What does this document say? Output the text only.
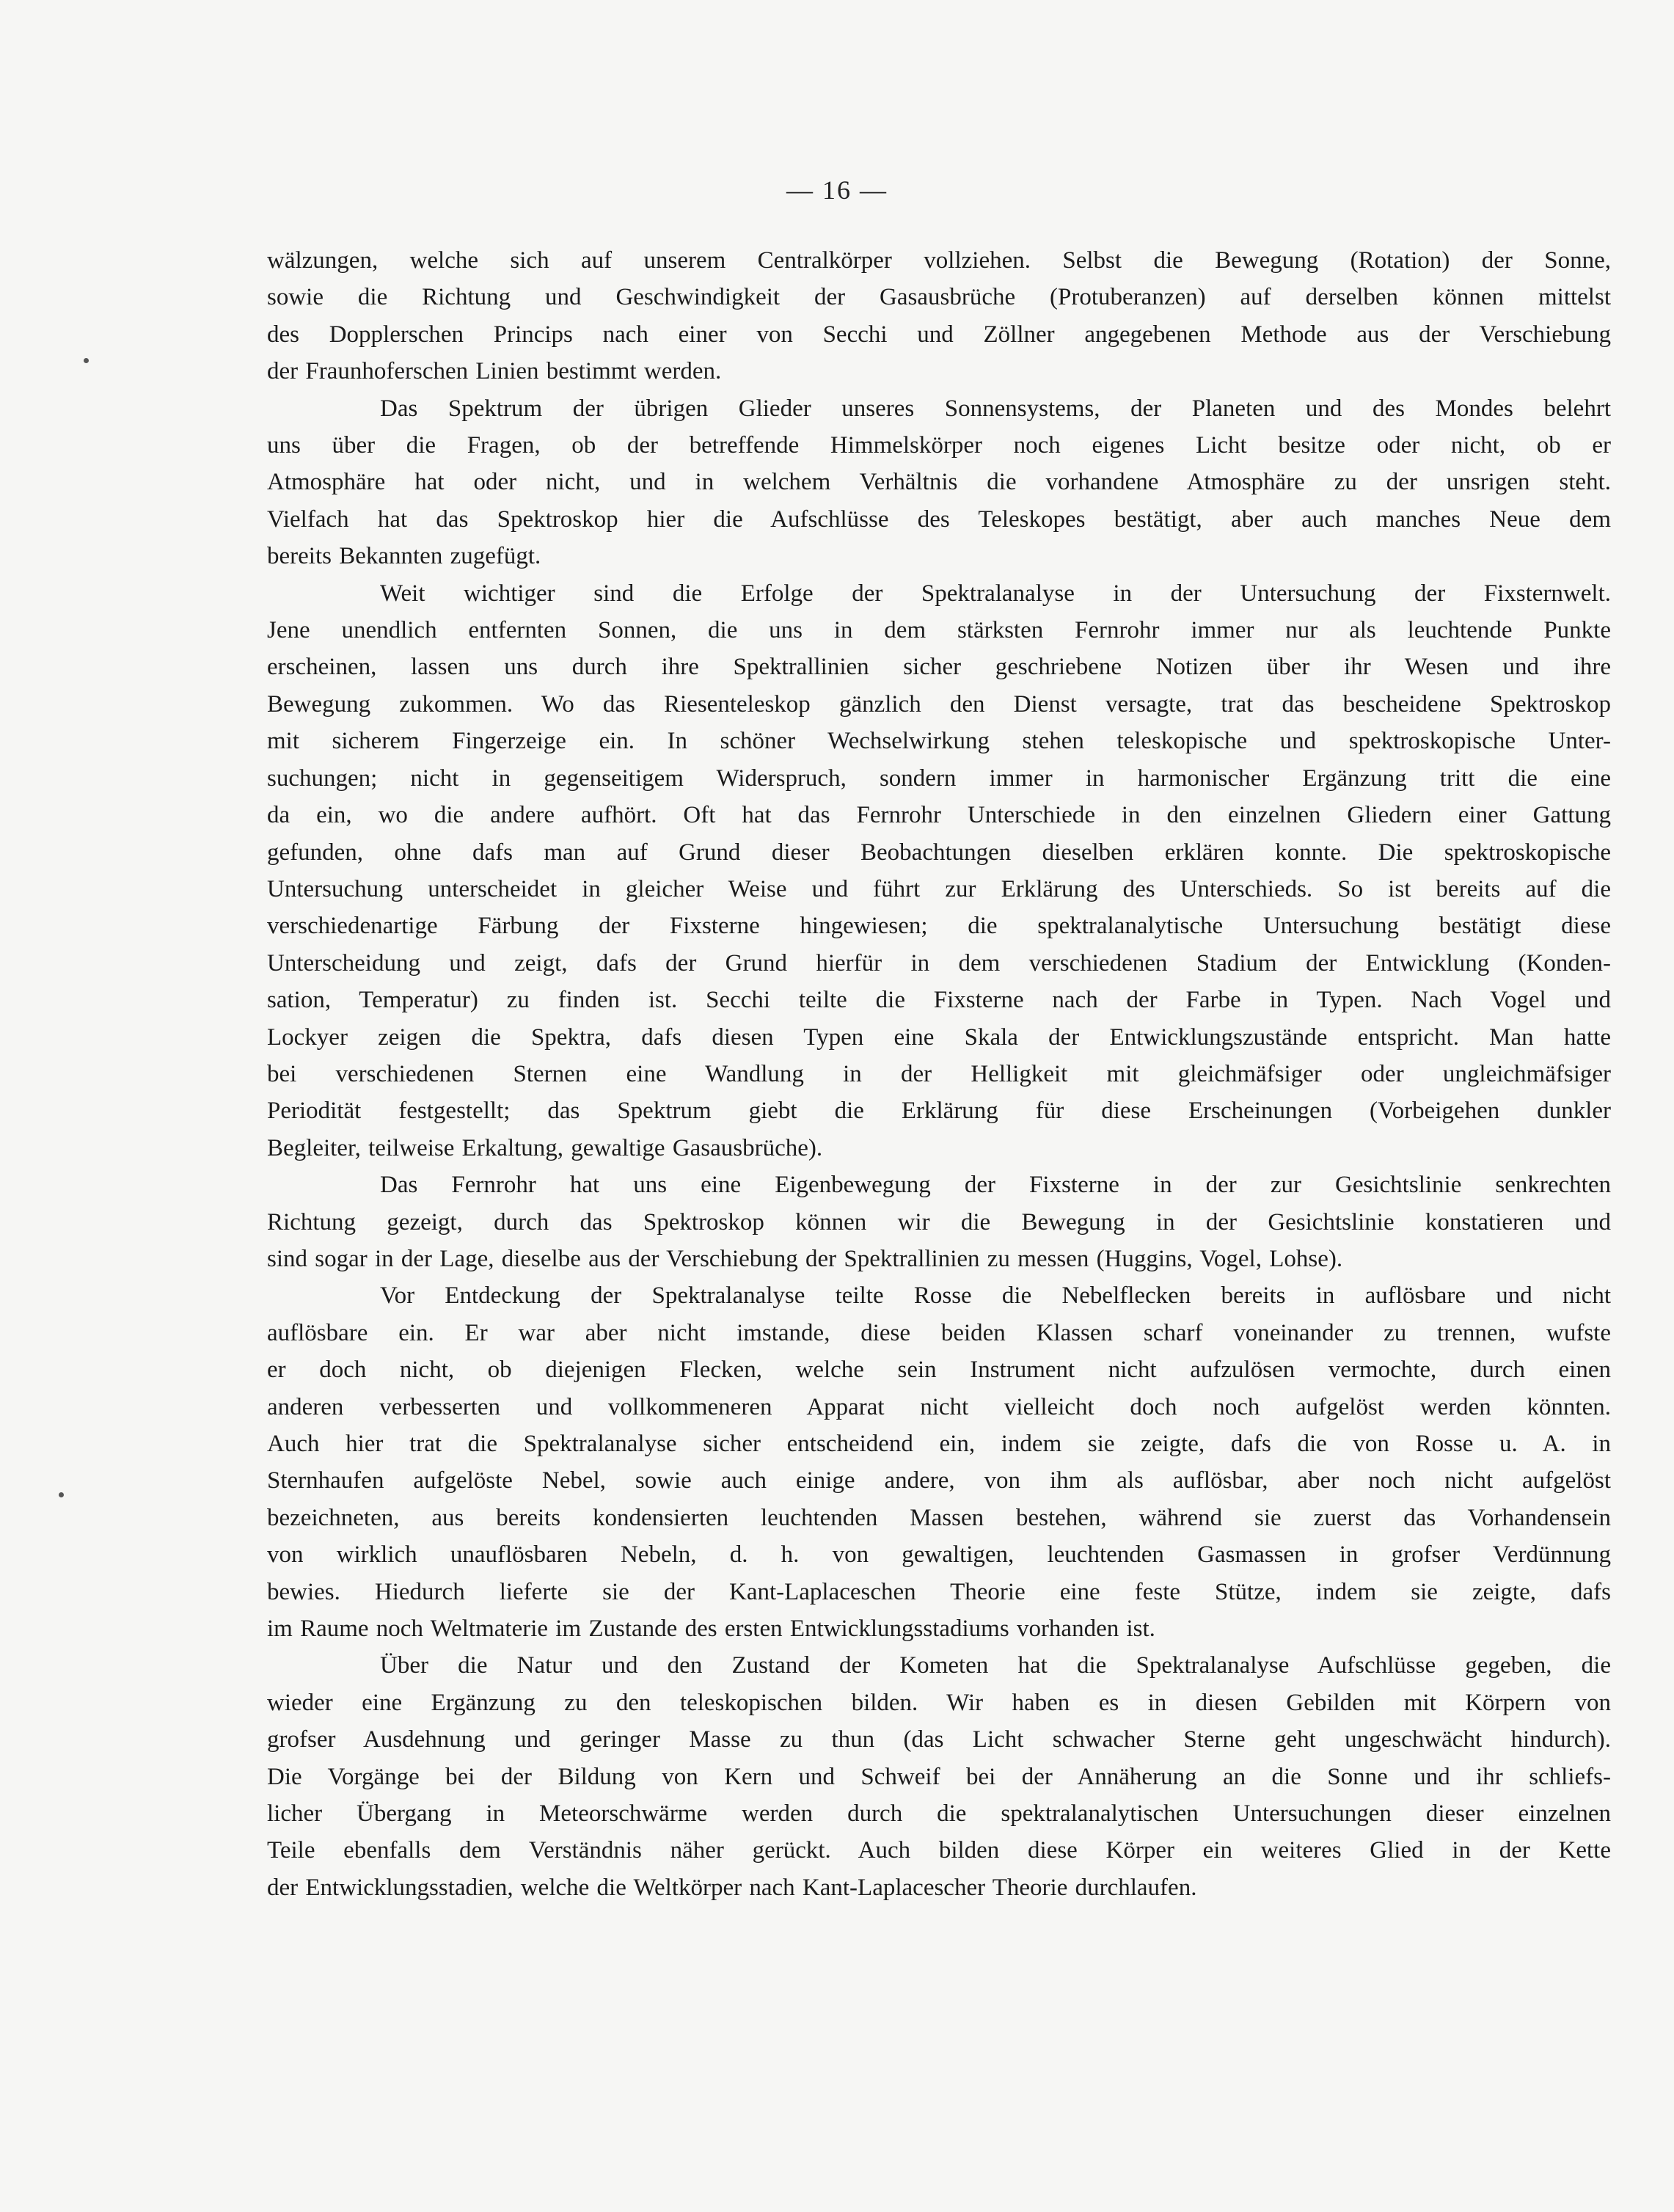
— 16 —

wälzungen, welche sich auf unserem Centralkörper vollziehen. Selbst die Bewegung (Rotation) der Sonne,

sowie die Richtung und Geschwindigkeit der Gasausbrüche (Protuberanzen) auf derselben können mittelst

des Dopplerschen Princips nach einer von Secchi und Zöllner angegebenen Methode aus der Verschiebung

der Fraunhoferschen Linien bestimmt werden.

Das Spektrum der übrigen Glieder unseres Sonnensystems, der Planeten und des Mondes belehrt

uns über die Fragen, ob der betreffende Himmelskörper noch eigenes Licht besitze oder nicht, ob er

Atmosphäre hat oder nicht, und in welchem Verhältnis die vorhandene Atmosphäre zu der unsrigen steht.

Vielfach hat das Spektroskop hier die Aufschlüsse des Teleskopes bestätigt, aber auch manches Neue dem

bereits Bekannten zugefügt.

Weit wichtiger sind die Erfolge der Spektralanalyse in der Untersuchung der Fixsternwelt.

Jene unendlich entfernten Sonnen, die uns in dem stärksten Fernrohr immer nur als leuchtende Punkte

erscheinen, lassen uns durch ihre Spektrallinien sicher geschriebene Notizen über ihr Wesen und ihre

Bewegung zukommen. Wo das Riesenteleskop gänzlich den Dienst versagte, trat das bescheidene Spektroskop

mit sicherem Fingerzeige ein. In schöner Wechselwirkung stehen teleskopische und spektroskopische Unter-

suchungen; nicht in gegenseitigem Widerspruch, sondern immer in harmonischer Ergänzung tritt die eine

da ein, wo die andere aufhört. Oft hat das Fernrohr Unterschiede in den einzelnen Gliedern einer Gattung

gefunden, ohne dafs man auf Grund dieser Beobachtungen dieselben erklären konnte. Die spektroskopische

Untersuchung unterscheidet in gleicher Weise und führt zur Erklärung des Unterschieds. So ist bereits auf die

verschiedenartige Färbung der Fixsterne hingewiesen; die spektralanalytische Untersuchung bestätigt diese

Unterscheidung und zeigt, dafs der Grund hierfür in dem verschiedenen Stadium der Entwicklung (Konden-

sation, Temperatur) zu finden ist. Secchi teilte die Fixsterne nach der Farbe in Typen. Nach Vogel und

Lockyer zeigen die Spektra, dafs diesen Typen eine Skala der Entwicklungszustände entspricht. Man hatte

bei verschiedenen Sternen eine Wandlung in der Helligkeit mit gleichmäfsiger oder ungleichmäfsiger

Periodität festgestellt; das Spektrum giebt die Erklärung für diese Erscheinungen (Vorbeigehen dunkler

Begleiter, teilweise Erkaltung, gewaltige Gasausbrüche).

Das Fernrohr hat uns eine Eigenbewegung der Fixsterne in der zur Gesichtslinie senkrechten

Richtung gezeigt, durch das Spektroskop können wir die Bewegung in der Gesichtslinie konstatieren und

sind sogar in der Lage, dieselbe aus der Verschiebung der Spektrallinien zu messen (Huggins, Vogel, Lohse).

Vor Entdeckung der Spektralanalyse teilte Rosse die Nebelflecken bereits in auflösbare und nicht

auflösbare ein. Er war aber nicht imstande, diese beiden Klassen scharf voneinander zu trennen, wufste

er doch nicht, ob diejenigen Flecken, welche sein Instrument nicht aufzulösen vermochte, durch einen

anderen verbesserten und vollkommeneren Apparat nicht vielleicht doch noch aufgelöst werden könnten.

Auch hier trat die Spektralanalyse sicher entscheidend ein, indem sie zeigte, dafs die von Rosse u. A. in

Sternhaufen aufgelöste Nebel, sowie auch einige andere, von ihm als auflösbar, aber noch nicht aufgelöst

bezeichneten, aus bereits kondensierten leuchtenden Massen bestehen, während sie zuerst das Vorhandensein

von wirklich unauflösbaren Nebeln, d. h. von gewaltigen, leuchtenden Gasmassen in grofser Verdünnung

bewies. Hiedurch lieferte sie der Kant-Laplaceschen Theorie eine feste Stütze, indem sie zeigte, dafs

im Raume noch Weltmaterie im Zustande des ersten Entwicklungsstadiums vorhanden ist.

Über die Natur und den Zustand der Kometen hat die Spektralanalyse Aufschlüsse gegeben, die

wieder eine Ergänzung zu den teleskopischen bilden. Wir haben es in diesen Gebilden mit Körpern von

grofser Ausdehnung und geringer Masse zu thun (das Licht schwacher Sterne geht ungeschwächt hindurch).

Die Vorgänge bei der Bildung von Kern und Schweif bei der Annäherung an die Sonne und ihr schliefs-

licher Übergang in Meteorschwärme werden durch die spektralanalytischen Untersuchungen dieser einzelnen

Teile ebenfalls dem Verständnis näher gerückt. Auch bilden diese Körper ein weiteres Glied in der Kette

der Entwicklungsstadien, welche die Weltkörper nach Kant-Laplacescher Theorie durchlaufen.
